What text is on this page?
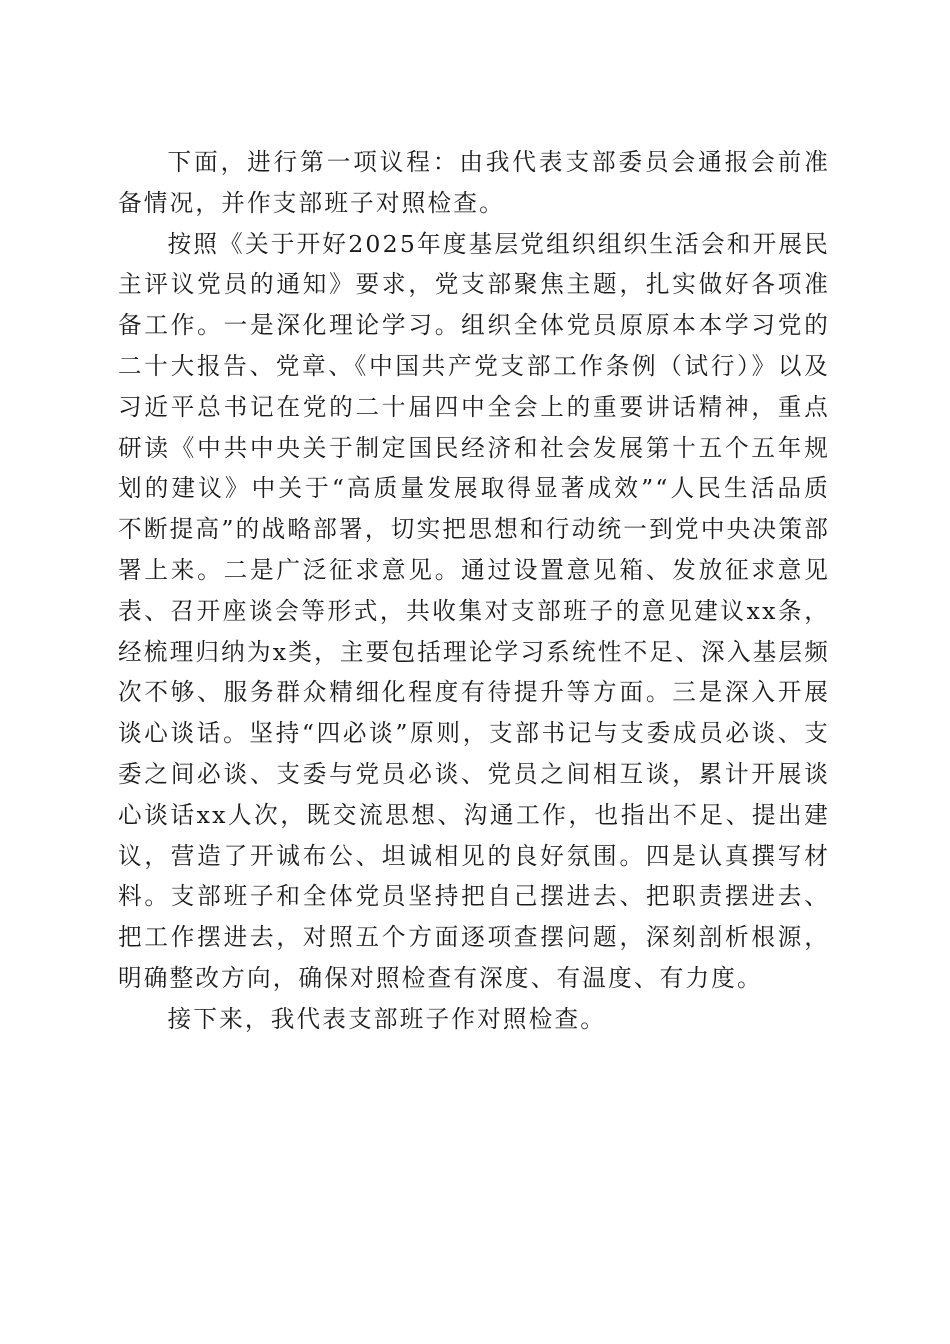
下面，进行第一项议程：由我代表支部委员会通报会前准备情况，并作支部班子对照检查。

按照《关于开好2025年度基层党组织组织生活会和开展民主评议党员的通知》要求，党支部聚焦主题，扎实做好各项准备工作。一是深化理论学习。组织全体党员原原本本学习党的二十大报告、党章、《中国共产党支部工作条例（试行）》以及习近平总书记在党的二十届四中全会上的重要讲话精神，重点研读《中共中央关于制定国民经济和社会发展第十五个五年规划的建议》中关于“高质量发展取得显著成效”“人民生活品质不断提高”的战略部署，切实把思想和行动统一到党中央决策部署上来。二是广泛征求意见。通过设置意见箱、发放征求意见表、召开座谈会等形式，共收集对支部班子的意见建议xx条，经梳理归纳为x类，主要包括理论学习系统性不足、深入基层频次不够、服务群众精细化程度有待提升等方面。三是深入开展谈心谈话。坚持“四必谈”原则，支部书记与支委成员必谈、支委之间必谈、支委与党员必谈、党员之间相互谈，累计开展谈心谈话xx人次，既交流思想、沟通工作，也指出不足、提出建议，营造了开诚布公、坦诚相见的良好氛围。四是认真撰写材料。支部班子和全体党员坚持把自己摆进去、把职责摆进去、把工作摆进去，对照五个方面逐项查摆问题，深刻剖析根源，明确整改方向，确保对照检查有深度、有温度、有力度。

接下来，我代表支部班子作对照检查。
